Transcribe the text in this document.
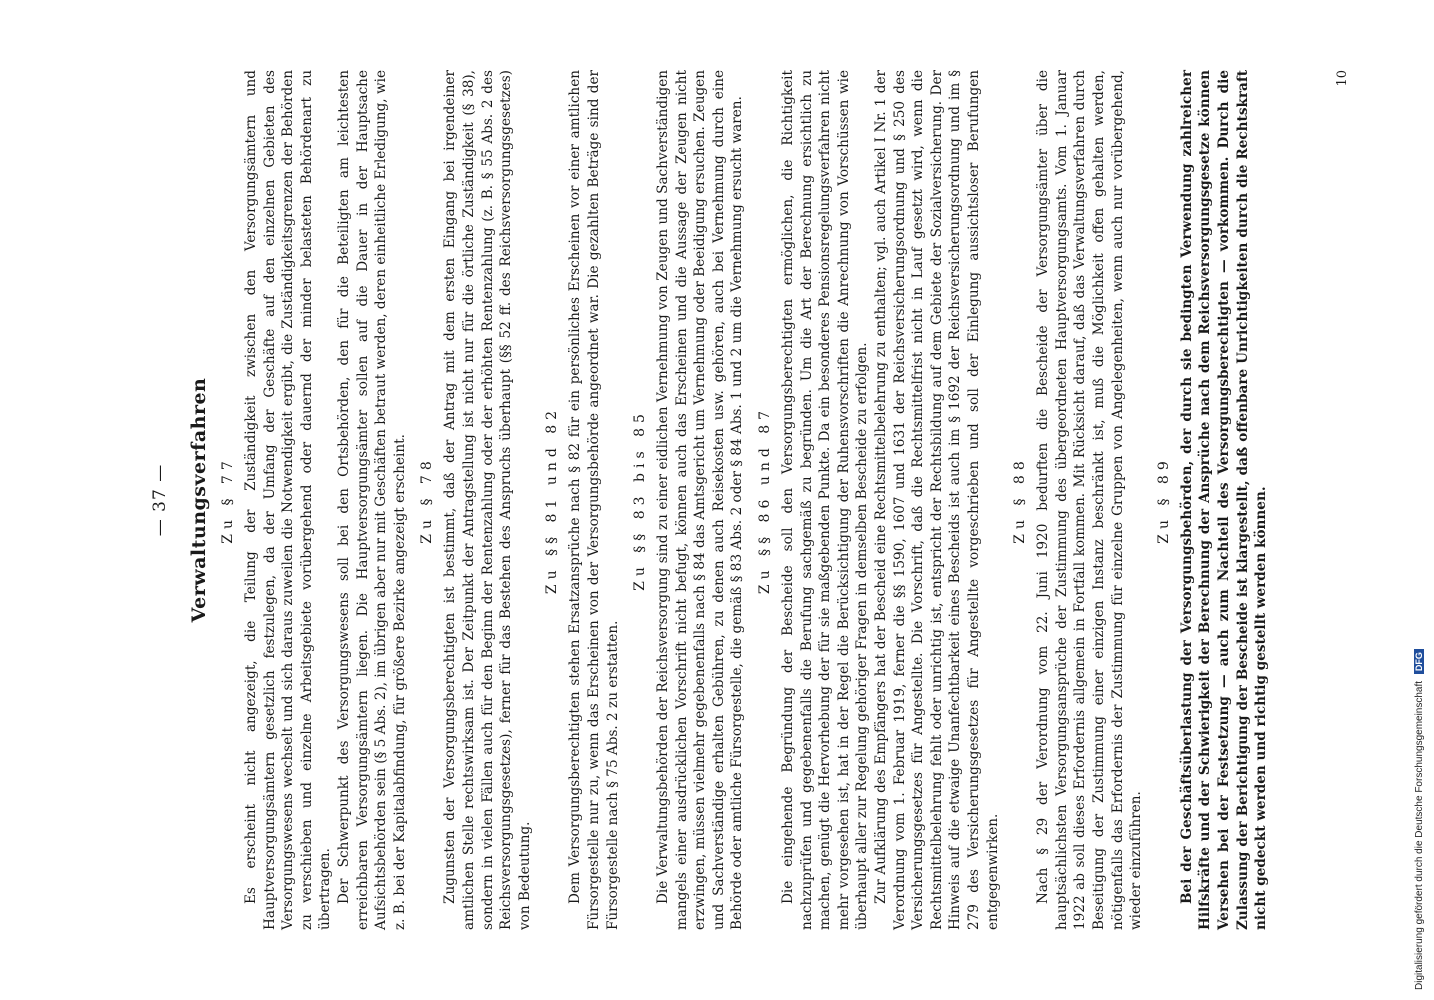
— 37 — Verwaltungsverfahren Zu § 77 Es erscheint nicht angezeigt, die Teilung der Zuständigkeit zwischen den Versorgungsämtern und Hauptversorgungsämtern gesetzlich festzulegen, da der Umfang der Geschäfte auf den einzelnen Gebieten des Versorgungswesens wechselt und sich daraus zuweilen die Notwendigkeit ergibt, die Zuständigkeitsgrenzen der Behörden zu verschieben und einzelne Arbeitsgebiete vorübergehend oder dauernd der minder belasteten Behördenart zu übertragen. Der Schwerpunkt des Versorgungswesens soll bei den Ortsbehörden, den für die Beteiligten am leichtesten erreichbaren Versorgungsämtern liegen. Die Hauptversorgungsämter sollen auf die Dauer in der Hauptsache Aufsichtsbehörden sein (§ 5 Abs. 2), im übrigen aber nur mit Geschäften betraut werden, deren einheitliche Erledigung, wie z. B. bei der Kapitalabfindung, für größere Bezirke angezeigt erscheint. Zu § 78 Zugunsten der Versorgungsberechtigten ist bestimmt, daß der Antrag mit dem ersten Eingang bei irgendeiner amtlichen Stelle rechtswirksam ist. Der Zeitpunkt der Antragstellung ist nicht nur für die örtliche Zuständigkeit (§ 38), sondern in vielen Fällen auch für den Beginn der Rentenzahlung oder der erhöhten Rentenzahlung (z. B. § 55 Abs. 2 des Reichsversorgungsgesetzes), ferner für das Bestehen des Anspruchs überhaupt (§§ 52 ff. des Reichsversorgungsgesetzes) von Bedeutung.

Zu §§ 81 und 82 Dem Versorgungsberechtigten stehen Ersatzansprüche nach § 82 für ein persönliches Erscheinen vor einer amtlichen Fürsorgestelle nur zu, wenn das Erscheinen von der Versorgungsbehörde angeordnet war. Die gezahlten Beträge sind der Fürsorgestelle nach § 75 Abs. 2 zu erstatten.

Zu §§ 83 bis 85 Die Verwaltungsbehörden der Reichsversorgung sind zu einer eidlichen Vernehmung von Zeugen und Sachverständigen mangels einer ausdrücklichen Vorschrift nicht befugt, können auch das Erscheinen und die Aussage der Zeugen nicht erzwingen, müssen vielmehr gegebenenfalls nach § 84 das Amtsgericht um Vernehmung oder Beeidigung ersuchen. Zeugen und Sachverständige erhalten Gebühren, zu denen auch Reisekosten usw. gehören, auch bei Vernehmung durch eine Behörde oder amtliche Fürsorgestelle, die gemäß § 83 Abs. 2 oder § 84 Abs. 1 und 2 um die Vernehmung ersucht waren. Zu §§ 86 und 87 Die eingehende Begründung der Bescheide soll den Versorgungsberechtigten ermöglichen, die Richtigkeit nachzuprüfen und gegebenenfalls die Berufung sachgemäß zu begründen. Um die Art der Berechnung ersichtlich zu machen, genügt die Hervorhebung der für sie maßgebenden Punkte. Da ein besonderes Pensionsregelungsverfahren nicht mehr vorgesehen ist, hat in der Regel die Berücksichtigung der Ruhensvorschriften die Anrechnung von Vorschüssen wie überhaupt aller zur Regelung gehöriger Fragen in demselben Bescheide zu erfolgen. Zur Aufklärung des Empfängers hat der Bescheid eine Rechtsmittelbelehrung zu enthalten; vgl. auch Artikel I Nr. 1 der Verordnung vom 1. Februar 1919, ferner die §§ 1590, 1607 und 1631 der Reichsversicherungsordnung und § 250 des Versicherungsgesetzes für Angestellte. Die Vorschrift, daß die Rechtsmittelfrist nicht in Lauf gesetzt wird, wenn die Rechtsmittelbelehrung fehlt oder unrichtig ist, entspricht der Rechtsbildung auf dem Gebiete der Sozialversicherung. Der Hinweis auf die etwaige Unanfechtbarkeit eines Bescheids ist auch im § 1692 der Reichsversicherungsordnung und im § 279 des Versicherungsgesetzes für Angestellte vorgeschrieben und soll der Einlegung aussichtsloser Berufungen entgegenwirken.

Zu § 88 Nach § 29 der Verordnung vom 22. Juni 1920 bedurften die Bescheide der Versorgungsämter über die hauptsächlichsten Versorgungsansprüche der Zustimmung des übergeordneten Hauptversorgungsamts. Vom 1. Januar 1922 ab soll dieses Erfordernis allgemein in Fortfall kommen. Mit Rücksicht darauf, daß das Verwaltungsverfahren durch Beseitigung der Zustimmung einer einzigen Instanz beschränkt ist, muß die Möglichkeit offen gehalten werden, nötigenfalls das Erfordernis der Zustimmung für einzelne Gruppen von Angelegenheiten, wenn auch nur vorübergehend, wieder einzuführen.

Zu § 89 Bei der Geschäftsüberlastung der Versorgungsbehörden, der durch sie bedingten Verwendung zahlreicher Hilfskräfte und der Schwierigkeit der Berechnung der Ansprüche nach dem Reichsversorgungsgesetze können Versehen bei der Festsetzung — auch zum Nachteil des Versorgungsberechtigten — vorkommen. Durch die Zulassung der Berichtigung der Bescheide ist klargestellt, daß offenbare Unrichtigkeiten durch die Rechtskraft nicht gedeckt werden und richtig gestellt werden können.

10
Digitalisierung gefördert durch die Deutsche Forschungsgemeinschaft DFG
